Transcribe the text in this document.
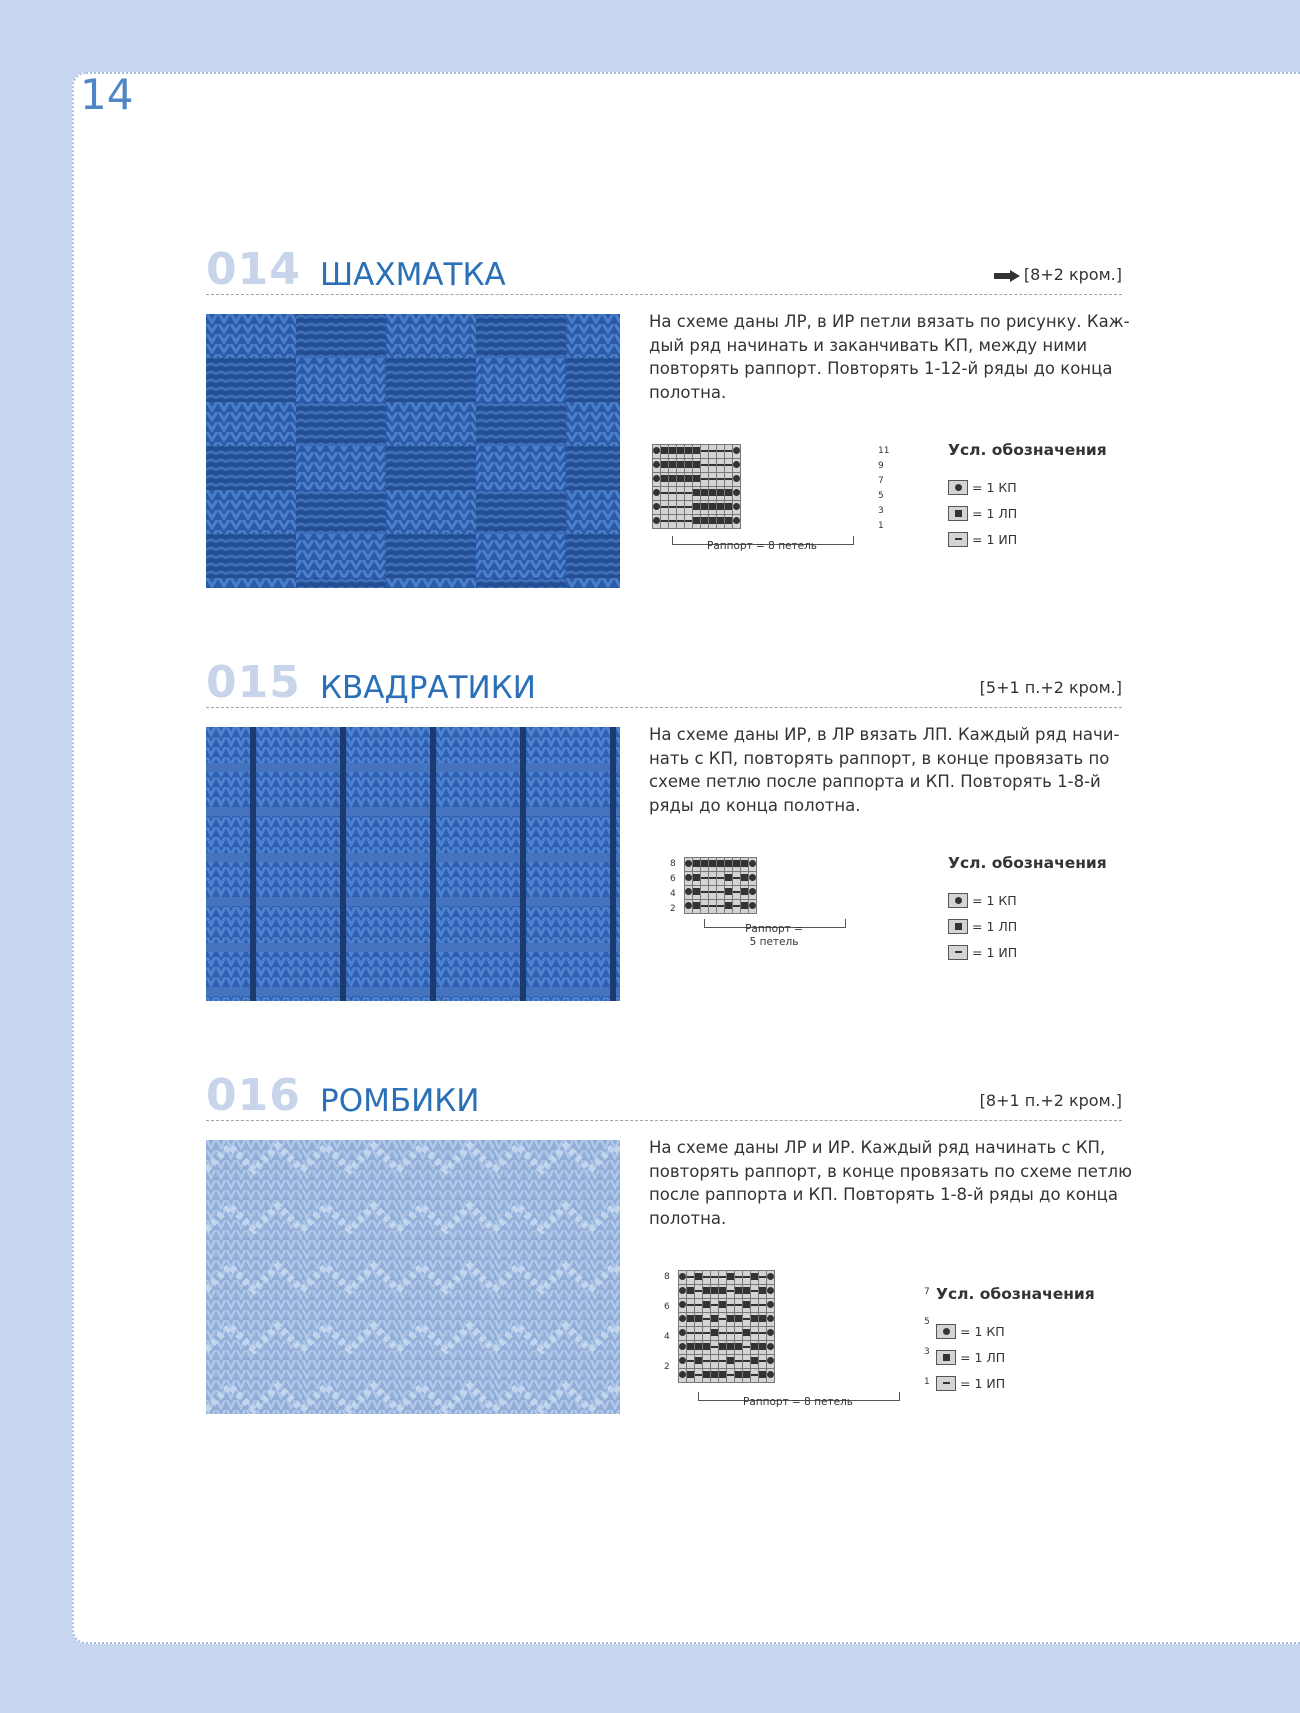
14
014 ШАХМАТКА	[8+2 кром.]
На схеме даны ЛР, в ИР петли вязать по рисунку. Каж-
дый ряд начинать и заканчивать КП, между ними
повторять раппорт. Повторять 1-12-й ряды до конца
полотна.

11
9
7
5
3
1
Раппорт = 8 петель
Усл. обозначения
= 1 КП
= 1 ЛП
= 1 ИП
015 КВАДРАТИКИ	[5+1 п.+2 кром.]
На схеме даны ИР, в ЛР вязать ЛП. Каждый ряд начи-
нать с КП, повторять раппорт, в конце провязать по
схеме петлю после раппорта и КП. Повторять 1-8-й
ряды до конца полотна.

8
6
4
2
Раппорт =
5 петель
Усл. обозначения
= 1 КП
= 1 ЛП
= 1 ИП
016 РОМБИКИ	[8+1 п.+2 кром.]
На схеме даны ЛР и ИР. Каждый ряд начинать с КП,
повторять раппорт, в конце провязать по схеме петлю
после раппорта и КП. Повторять 1-8-й ряды до конца
полотна.

7
5
3
1
8
6
4
2
Раппорт = 8 петель
Усл. обозначения
= 1 КП
= 1 ЛП
= 1 ИП
